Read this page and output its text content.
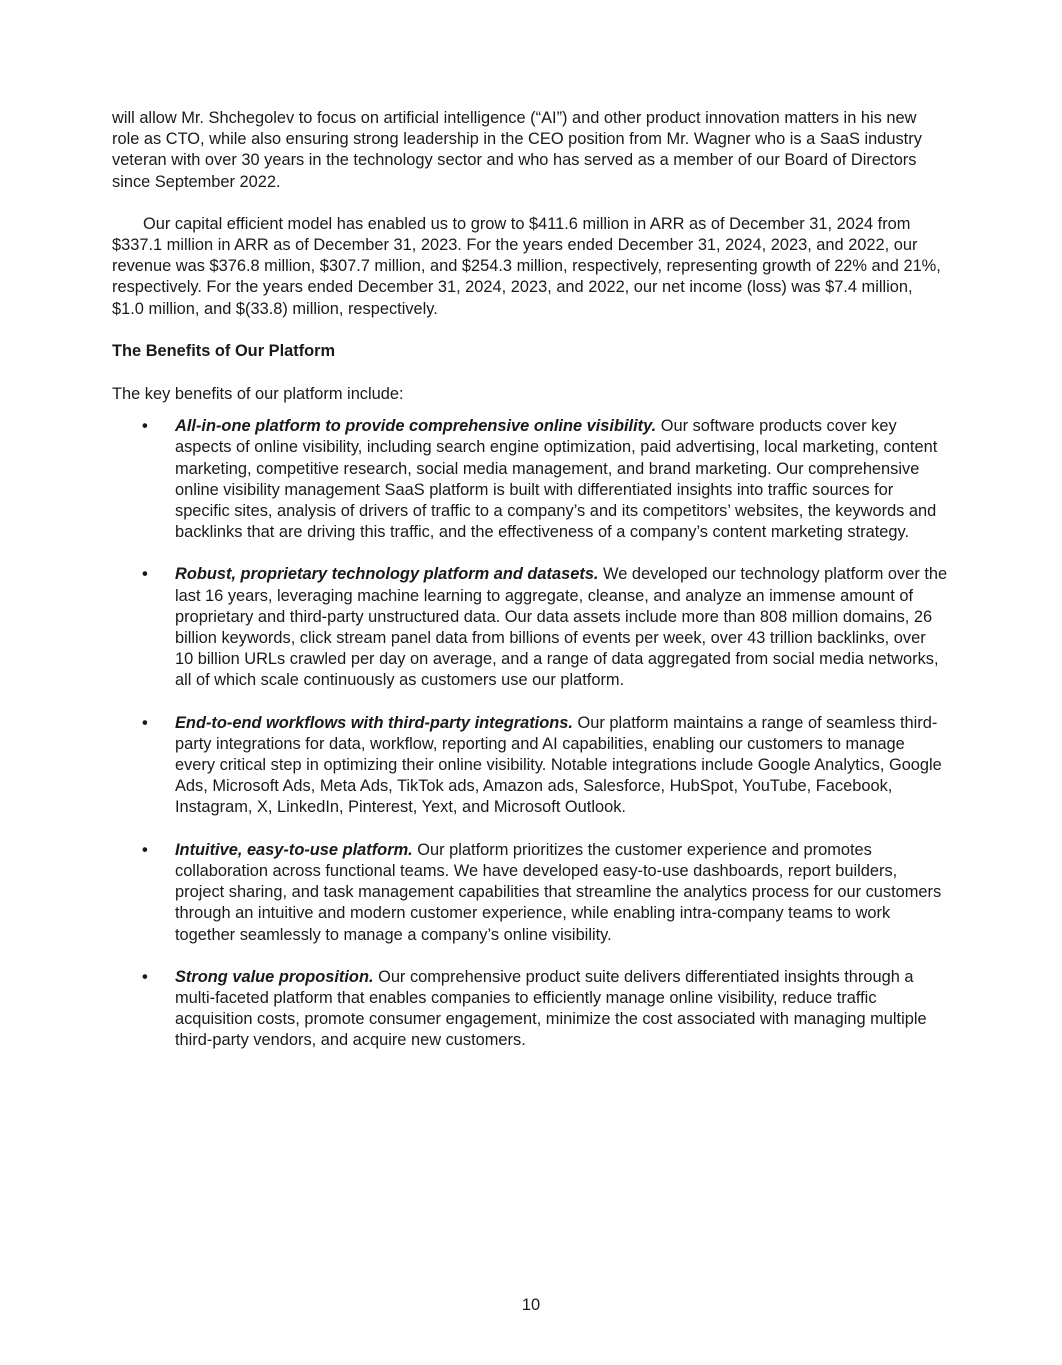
will allow Mr. Shchegolev to focus on artificial intelligence (“AI”) and other product innovation matters in his new role as CTO, while also ensuring strong leadership in the CEO position from Mr. Wagner who is a SaaS industry veteran with over 30 years in the technology sector and who has served as a member of our Board of Directors since September 2022.

Our capital efficient model has enabled us to grow to $411.6 million in ARR as of December 31, 2024 from $337.1 million in ARR as of December 31, 2023. For the years ended December 31, 2024, 2023, and 2022, our revenue was $376.8 million, $307.7 million, and $254.3 million, respectively, representing growth of 22% and 21%, respectively. For the years ended December 31, 2024, 2023, and 2022, our net income (loss) was $7.4 million, $1.0 million, and $(33.8) million, respectively.

The Benefits of Our Platform

The key benefits of our platform include:

• All-in-one platform to provide comprehensive online visibility. Our software products cover key aspects of online visibility, including search engine optimization, paid advertising, local marketing, content marketing, competitive research, social media management, and brand marketing. Our comprehensive online visibility management SaaS platform is built with differentiated insights into traffic sources for specific sites, analysis of drivers of traffic to a company’s and its competitors’ websites, the keywords and backlinks that are driving this traffic, and the effectiveness of a company’s content marketing strategy.
• Robust, proprietary technology platform and datasets. We developed our technology platform over the last 16 years, leveraging machine learning to aggregate, cleanse, and analyze an immense amount of proprietary and third-party unstructured data. Our data assets include more than 808 million domains, 26 billion keywords, click stream panel data from billions of events per week, over 43 trillion backlinks, over 10 billion URLs crawled per day on average, and a range of data aggregated from social media networks, all of which scale continuously as customers use our platform.
• End-to-end workflows with third-party integrations. Our platform maintains a range of seamless third-party integrations for data, workflow, reporting and AI capabilities, enabling our customers to manage every critical step in optimizing their online visibility. Notable integrations include Google Analytics, Google Ads, Microsoft Ads, Meta Ads, TikTok ads, Amazon ads, Salesforce, HubSpot, YouTube, Facebook, Instagram, X, LinkedIn, Pinterest, Yext, and Microsoft Outlook.
• Intuitive, easy-to-use platform. Our platform prioritizes the customer experience and promotes collaboration across functional teams. We have developed easy-to-use dashboards, report builders, project sharing, and task management capabilities that streamline the analytics process for our customers through an intuitive and modern customer experience, while enabling intra-company teams to work together seamlessly to manage a company’s online visibility.
• Strong value proposition. Our comprehensive product suite delivers differentiated insights through a multi-faceted platform that enables companies to efficiently manage online visibility, reduce traffic acquisition costs, promote consumer engagement, minimize the cost associated with managing multiple third-party vendors, and acquire new customers.
10
